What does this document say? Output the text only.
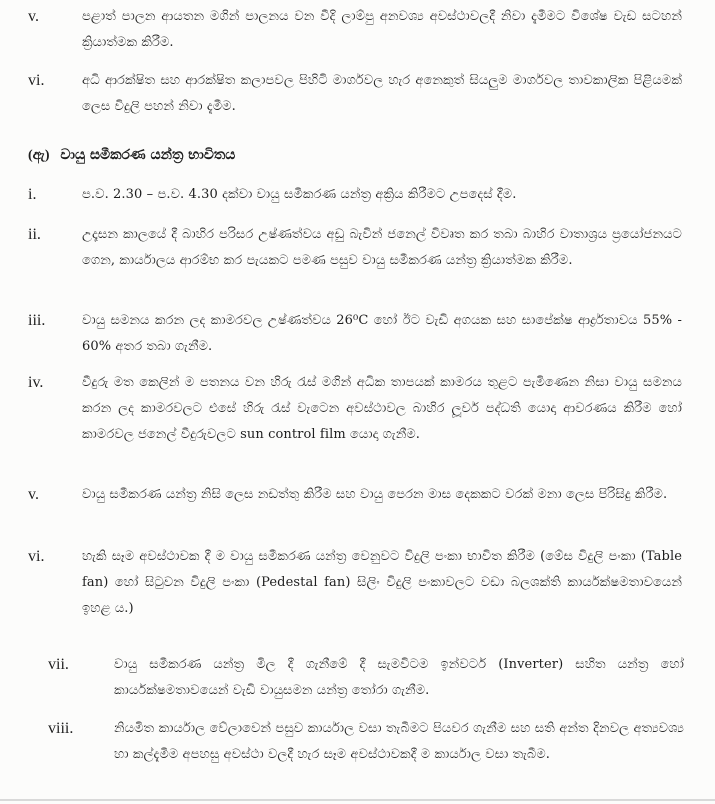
v.	පළාත් පාලන ආයතන මගින් පාලනය වන වීදි ලාම්පු අනවශ්‍ය අවස්ථාවලදී නිවා දැමීමට විශේෂ වැඩ සටහන් ක්‍රියාත්මක කිරීම.
vi.	අධි ආරක්ෂිත සහ ආරක්ෂිත කලාපවල පිහිටි මාර්ගවල හැර අනෙකුත් සියලුම මාර්ගවල තාවකාලික පිළියමක් ලෙස විදුලි පහන් නිවා දැමීම.
(ඇ) වායු සමීකරණ යන්ත්‍ර භාවිතය
i.	ප.ව. 2.30 – ප.ව. 4.30 දක්වා වායු සමීකරණ යන්ත්‍ර අක්‍රිය කිරීමට උපදෙස් දීම.
ii.	උදෑසන කාලයේ දී බාහිර පරිසර උෂ්ණත්වය අඩු බැවින් ජනෙල් විවෘත කර තබා බාහිර වාතාශ්‍රය ප්‍රයෝජනයට ගෙන, කාර්යාලය ආරම්භ කර පැයකට පමණ පසුව වායු සමීකරණ යන්ත්‍ර ක්‍රියාත්මක කිරීම.
iii.	වායු සමනය කරන ලද කාමරවල උෂ්ණත්වය 26⁰C හෝ ඊට වැඩි අගයක සහ සාපේක්ෂ ආර්ද්‍රතාවය 55% - 60% අතර තබා ගැනීම.
iv.	වීදුරු මත කෙලින් ම පතනය වන හිරු රැස් මගින් අධික තාපයක් කාමරය තුළට පැමිණෙන නිසා වායු සමනය කරන ලද කාමරවලට එසේ හිරු රැස් වැටෙන අවස්ථාවල බාහිර ලූවර් පද්ධති යොදා ආවරණය කිරීම හෝ කාමරවල ජනෙල් වීදුරුවලට sun control film යොදා ගැනීම.
v.	වායු සමීකරණ යන්ත්‍ර නිසි ලෙස නඩත්තු කිරීම සහ වායු පෙරන මාස දෙකකට වරක් මනා ලෙස පිරිසිදු කිරීම.
vi.	හැකි සෑම අවස්ථාවක දී ම වායු සමීකරණ යන්ත්‍ර වෙනුවට විදුලි පංකා භාවිත කිරීම (මේස විදුලි පංකා (Table fan) හෝ සිටුවන විදුලි පංකා (Pedestal fan) සිලිං විදුලි පංකාවලට වඩා බලශක්ති කාර්යක්ෂමතාවයෙන් ඉහළ ය.)
vii.	වායු සමීකරණ යන්ත්‍ර මිල දී ගැනීමේ දී සැමවිටම ඉන්වටර් (Inverter) සහිත යන්ත්‍ර හෝ කාර්යක්ෂමතාවයෙන් වැඩි වායුසමන යන්ත්‍ර තෝරා ගැනීම.
viii.	නියමිත කාර්යාල වේලාවෙන් පසුව කාර්යාල වසා තැබීමට පියවර ගැනීම සහ සති අන්ත දිනවල අත්‍යවශ්‍ය හා කල්දැමීම අපහසු අවස්ථා වලදී හැර සෑම අවස්ථාවකදී ම කාර්යාල වසා තැබීම.
